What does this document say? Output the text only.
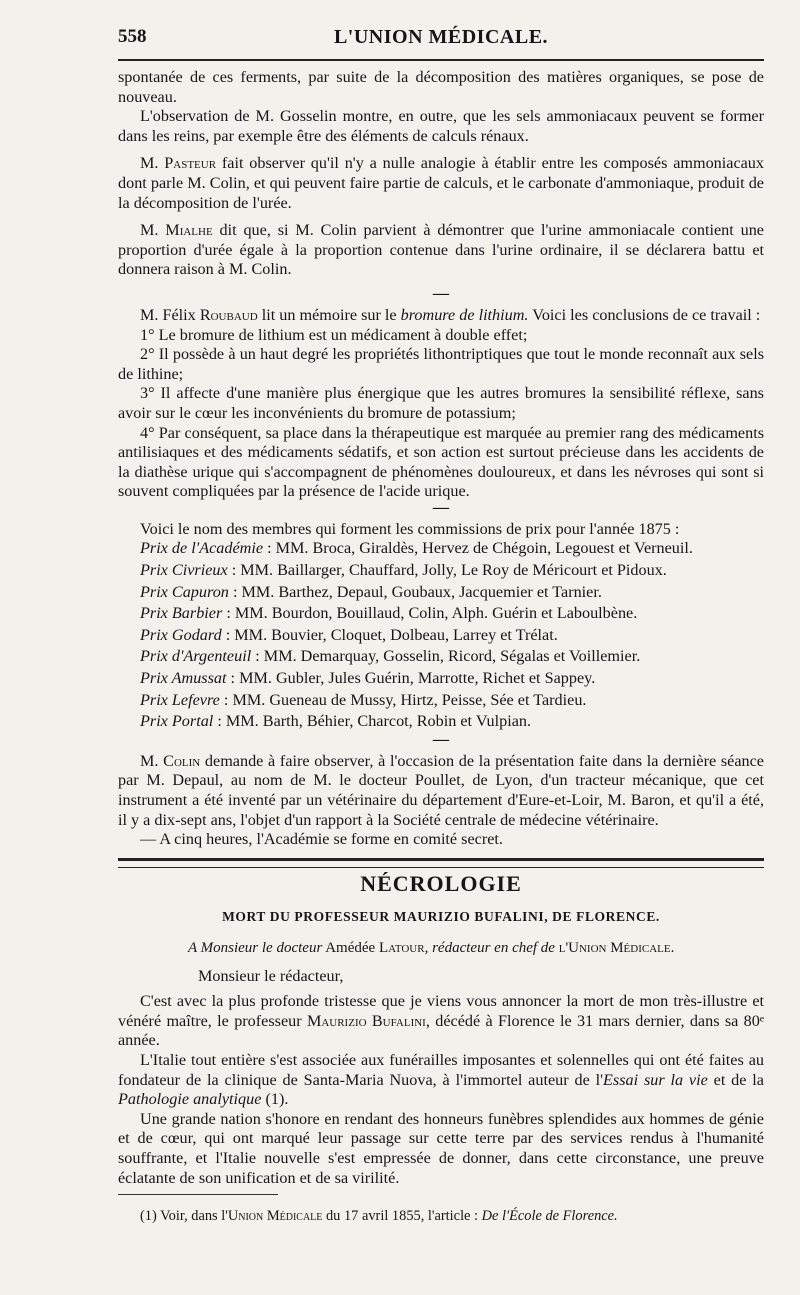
558	L'UNION MÉDICALE.

spontanée de ces ferments, par suite de la décomposition des matières organiques, se pose de nouveau.

L'observation de M. Gosselin montre, en outre, que les sels ammoniacaux peuvent se former dans les reins, par exemple être des éléments de calculs rénaux.

M. Pasteur fait observer qu'il n'y a nulle analogie à établir entre les composés ammoniacaux dont parle M. Colin, et qui peuvent faire partie de calculs, et le carbonate d'ammoniaque, produit de la décomposition de l'urée.

M. Mialhe dit que, si M. Colin parvient à démontrer que l'urine ammoniacale contient une proportion d'urée égale à la proportion contenue dans l'urine ordinaire, il se déclarera battu et donnera raison à M. Colin.

—

M. Félix Roubaud lit un mémoire sur le bromure de lithium. Voici les conclusions de ce travail :

1° Le bromure de lithium est un médicament à double effet;

2° Il possède à un haut degré les propriétés lithontriptiques que tout le monde reconnaît aux sels de lithine;

3° Il affecte d'une manière plus énergique que les autres bromures la sensibilité réflexe, sans avoir sur le cœur les inconvénients du bromure de potassium;

4° Par conséquent, sa place dans la thérapeutique est marquée au premier rang des médicaments antilisiaques et des médicaments sédatifs, et son action est surtout précieuse dans les accidents de la diathèse urique qui s'accompagnent de phénomènes douloureux, et dans les névroses qui sont si souvent compliquées par la présence de l'acide urique.

—

Voici le nom des membres qui forment les commissions de prix pour l'année 1875 :

Prix de l'Académie : MM. Broca, Giraldès, Hervez de Chégoin, Legouest et Verneuil.

Prix Civrieux : MM. Baillarger, Chauffard, Jolly, Le Roy de Méricourt et Pidoux.

Prix Capuron : MM. Barthez, Depaul, Goubaux, Jacquemier et Tarnier.

Prix Barbier : MM. Bourdon, Bouillaud, Colin, Alph. Guérin et Laboulbène.

Prix Godard : MM. Bouvier, Cloquet, Dolbeau, Larrey et Trélat.

Prix d'Argenteuil : MM. Demarquay, Gosselin, Ricord, Ségalas et Voillemier.

Prix Amussat : MM. Gubler, Jules Guérin, Marrotte, Richet et Sappey.

Prix Lefevre : MM. Gueneau de Mussy, Hirtz, Peisse, Sée et Tardieu.

Prix Portal : MM. Barth, Béhier, Charcot, Robin et Vulpian.

—

M. Colin demande à faire observer, à l'occasion de la présentation faite dans la dernière séance par M. Depaul, au nom de M. le docteur Poullet, de Lyon, d'un tracteur mécanique, que cet instrument a été inventé par un vétérinaire du département d'Eure-et-Loir, M. Baron, et qu'il a été, il y a dix-sept ans, l'objet d'un rapport à la Société centrale de médecine vétérinaire.

— A cinq heures, l'Académie se forme en comité secret.

NÉCROLOGIE
MORT DU PROFESSEUR MAURIZIO BUFALINI, DE FLORENCE.

A Monsieur le docteur Amédée Latour, rédacteur en chef de l'Union Médicale.

Monsieur le rédacteur,

C'est avec la plus profonde tristesse que je viens vous annoncer la mort de mon très-illustre et vénéré maître, le professeur Maurizio Bufalini, décédé à Florence le 31 mars dernier, dans sa 80ᵉ année.

L'Italie tout entière s'est associée aux funérailles imposantes et solennelles qui ont été faites au fondateur de la clinique de Santa-Maria Nuova, à l'immortel auteur de l'Essai sur la vie et de la Pathologie analytique (1).

Une grande nation s'honore en rendant des honneurs funèbres splendides aux hommes de génie et de cœur, qui ont marqué leur passage sur cette terre par des services rendus à l'humanité souffrante, et l'Italie nouvelle s'est empressée de donner, dans cette circonstance, une preuve éclatante de son unification et de sa virilité.

(1) Voir, dans l'Union Médicale du 17 avril 1855, l'article : De l'École de Florence.
